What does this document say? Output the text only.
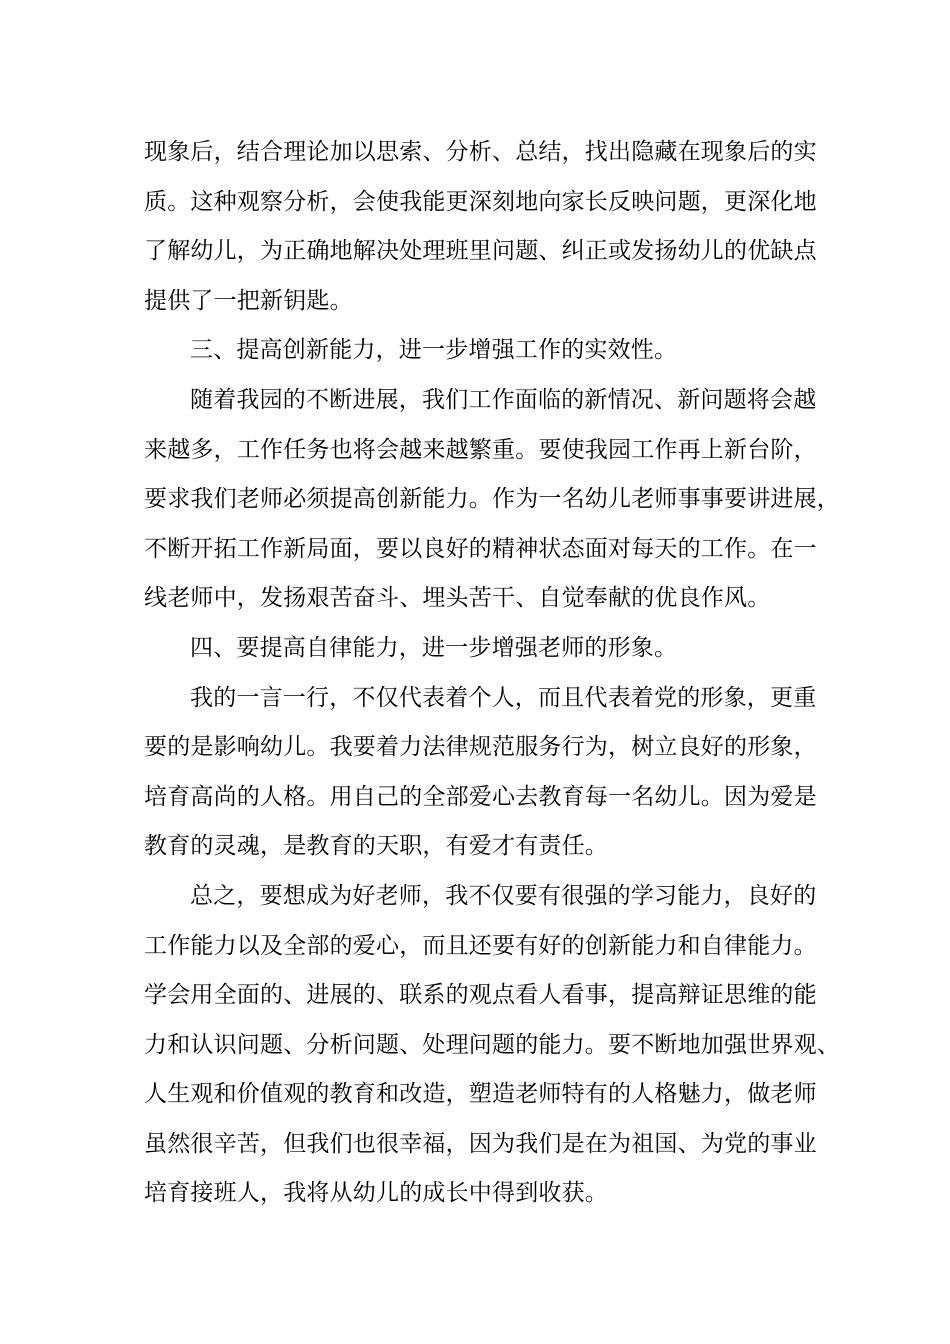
现象后，结合理论加以思索、分析、总结，找出隐藏在现象后的实
质。这种观察分析，会使我能更深刻地向家长反映问题，更深化地
了解幼儿，为正确地解决处理班里问题、纠正或发扬幼儿的优缺点
提供了一把新钥匙。
三、提高创新能力，进一步增强工作的实效性。
随着我园的不断进展，我们工作面临的新情况、新问题将会越
来越多，工作任务也将会越来越繁重。要使我园工作再上新台阶，
要求我们老师必须提高创新能力。作为一名幼儿老师事事要讲进展，
不断开拓工作新局面，要以良好的精神状态面对每天的工作。在一
线老师中，发扬艰苦奋斗、埋头苦干、自觉奉献的优良作风。
四、要提高自律能力，进一步增强老师的形象。
我的一言一行，不仅代表着个人，而且代表着党的形象，更重
要的是影响幼儿。我要着力法律规范服务行为，树立良好的形象，
培育高尚的人格。用自己的全部爱心去教育每一名幼儿。因为爱是
教育的灵魂，是教育的天职，有爱才有责任。
总之，要想成为好老师，我不仅要有很强的学习能力，良好的
工作能力以及全部的爱心，而且还要有好的创新能力和自律能力。
学会用全面的、进展的、联系的观点看人看事，提高辩证思维的能
力和认识问题、分析问题、处理问题的能力。要不断地加强世界观、
人生观和价值观的教育和改造，塑造老师特有的人格魅力，做老师
虽然很辛苦，但我们也很幸福，因为我们是在为祖国、为党的事业
培育接班人，我将从幼儿的成长中得到收获。
